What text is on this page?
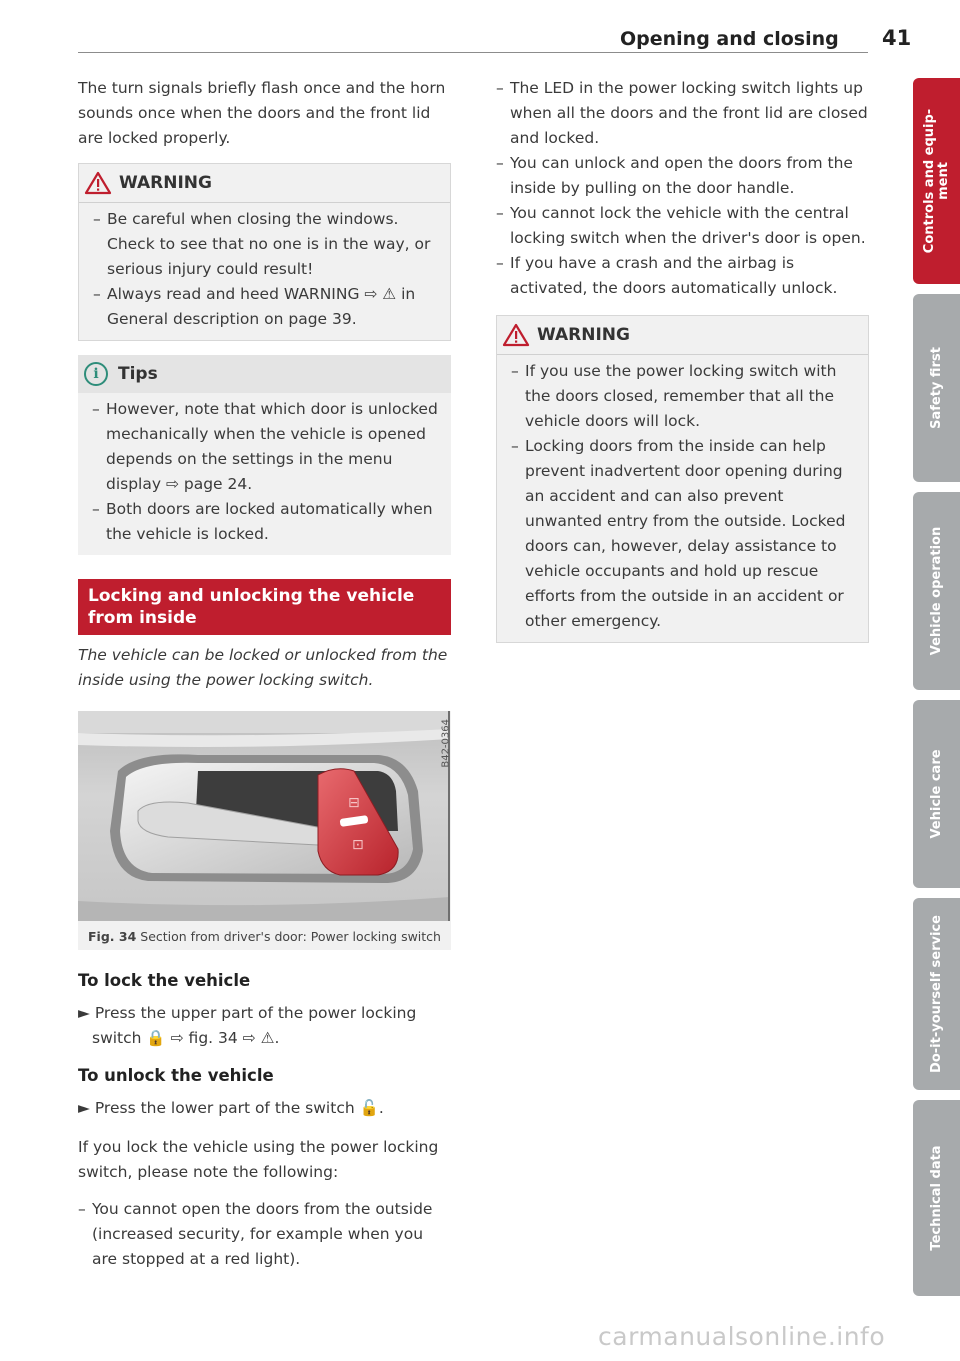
Opening and closing	41

The turn signals briefly flash once and the horn sounds once when the doors and the front lid are locked properly.

WARNING

– Be careful when closing the windows. Check to see that no one is in the way, or serious injury could result!

– Always read and heed WARNING ⇨ ⚠ in General description on page 39.

i	Tips

– However, note that which door is unlocked mechanically when the vehicle is opened depends on the settings in the menu display ⇨ page 24.

– Both doors are locked automatically when the vehicle is locked.

Locking and unlocking the vehicle from inside

The vehicle can be locked or unlocked from the inside using the power locking switch.

⊟
⊡
B42-0364
Fig. 34 Section from driver's door: Power locking switch
To lock the vehicle

► Press the upper part of the power locking switch 🔒 ⇨ fig. 34 ⇨ ⚠.

To unlock the vehicle

► Press the lower part of the switch 🔓.

If you lock the vehicle using the power locking switch, please note the following:

– You cannot open the doors from the outside (increased security, for example when you are stopped at a red light).

– The LED in the power locking switch lights up when all the doors and the front lid are closed and locked.

– You can unlock and open the doors from the inside by pulling on the door handle.

– You cannot lock the vehicle with the central locking switch when the driver's door is open.

– If you have a crash and the airbag is activated, the doors automatically unlock.

WARNING

– If you use the power locking switch with the doors closed, remember that all the vehicle doors will lock.

– Locking doors from the inside can help prevent inadvertent door opening during an accident and can also prevent unwanted entry from the outside. Locked doors can, however, delay assistance to vehicle occupants and hold up rescue efforts from the outside in an accident or other emergency.

Controls and equip- ment
Safety first
Vehicle operation
Vehicle care
Do-it-yourself service
Technical data
carmanualsonline.info
